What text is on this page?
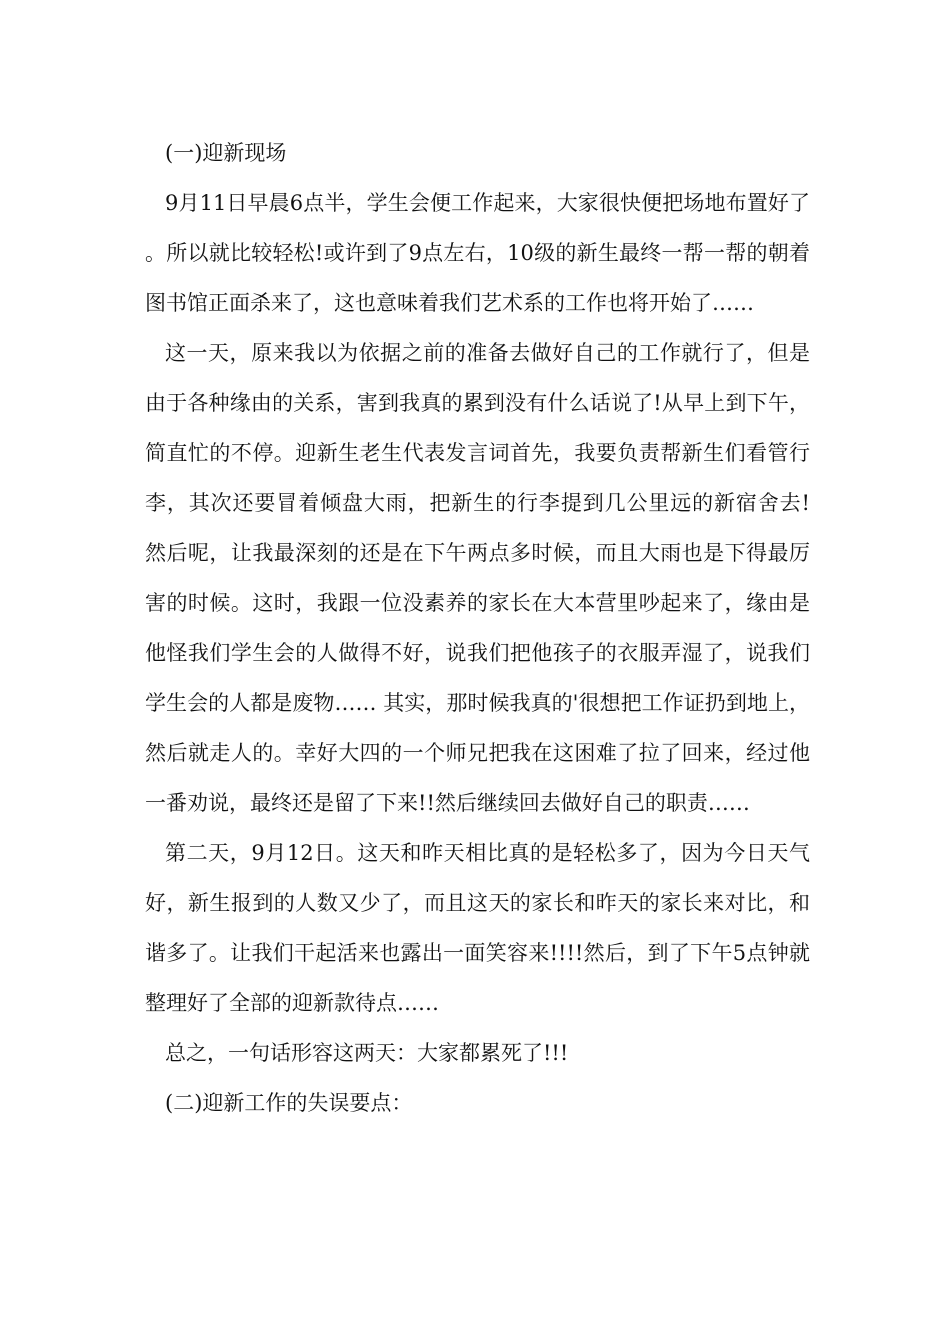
(一)迎新现场

9月11日早晨6点半，学生会便工作起来，大家很快便把场地布置好了。所以就比较轻松!或许到了9点左右，10级的新生最终一帮一帮的朝着图书馆正面杀来了，这也意味着我们艺术系的工作也将开始了……

这一天，原来我以为依据之前的准备去做好自己的工作就行了，但是由于各种缘由的关系，害到我真的累到没有什么话说了!从早上到下午，简直忙的不停。迎新生老生代表发言词首先，我要负责帮新生们看管行李，其次还要冒着倾盘大雨，把新生的行李提到几公里远的新宿舍去! 然后呢，让我最深刻的还是在下午两点多时候，而且大雨也是下得最厉害的时候。这时，我跟一位没素养的家长在大本营里吵起来了，缘由是他怪我们学生会的人做得不好，说我们把他孩子的衣服弄湿了，说我们学生会的人都是废物…… 其实，那时候我真的'很想把工作证扔到地上，然后就走人的。幸好大四的一个师兄把我在这困难了拉了回来，经过他一番劝说，最终还是留了下来!!然后继续回去做好自己的职责……

第二天，9月12日。这天和昨天相比真的是轻松多了，因为今日天气好，新生报到的人数又少了，而且这天的家长和昨天的家长来对比，和谐多了。让我们干起活来也露出一面笑容来!!!!然后，到了下午5点钟就整理好了全部的迎新款待点……

总之，一句话形容这两天：大家都累死了!!!

(二)迎新工作的失误要点：
